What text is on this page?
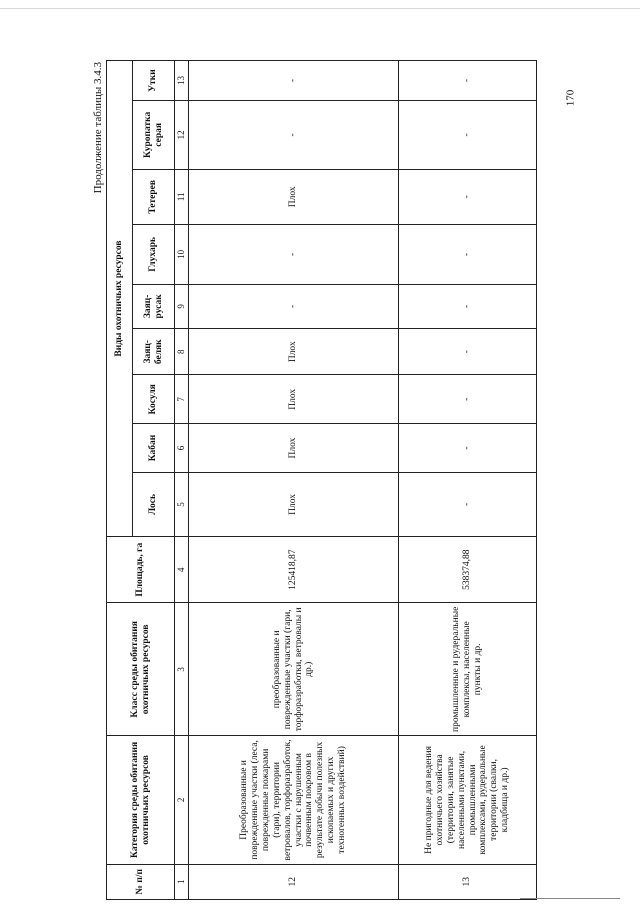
170
Продолжение таблицы 3.4.3
№ п/п	Категория среды обитания охотничьих ресурсов	Класс среды обитания охотничьих ресурсов	Площадь, га	Виды охотничьих ресурсов								
				Лось	Кабан	Косуля	Заяц-беляк	Заяц-русак	Глухарь	Тетерев	Куропатка серая	Утки
1	2	3	4	5	6	7	8	9	10	11	12	13
12	Преобразованные и поврежденные участки (леса, поврежденные пожарами (гари), территории ветровалов, торфоразработок, участки с нарушенным почвенным покровом в результате добычи полезных ископаемых и других техногенных воздействий)	преобразованные и поврежденные участки (гари, торфоразработки, ветровалы и др.)	125418,87	Плох	Плох	Плох	Плох	-	-	Плох	-	-
13	Не пригодные для ведения охотничьего хозяйства (территории, занятые населенными пунктами, промышленными комплексами, рудеральные территории (свалки, кладбища и др.)	промышленные и рудеральные комплексы, населенные пункты и др.	538374,88	-	-	-	-	-	-	-	-	-
